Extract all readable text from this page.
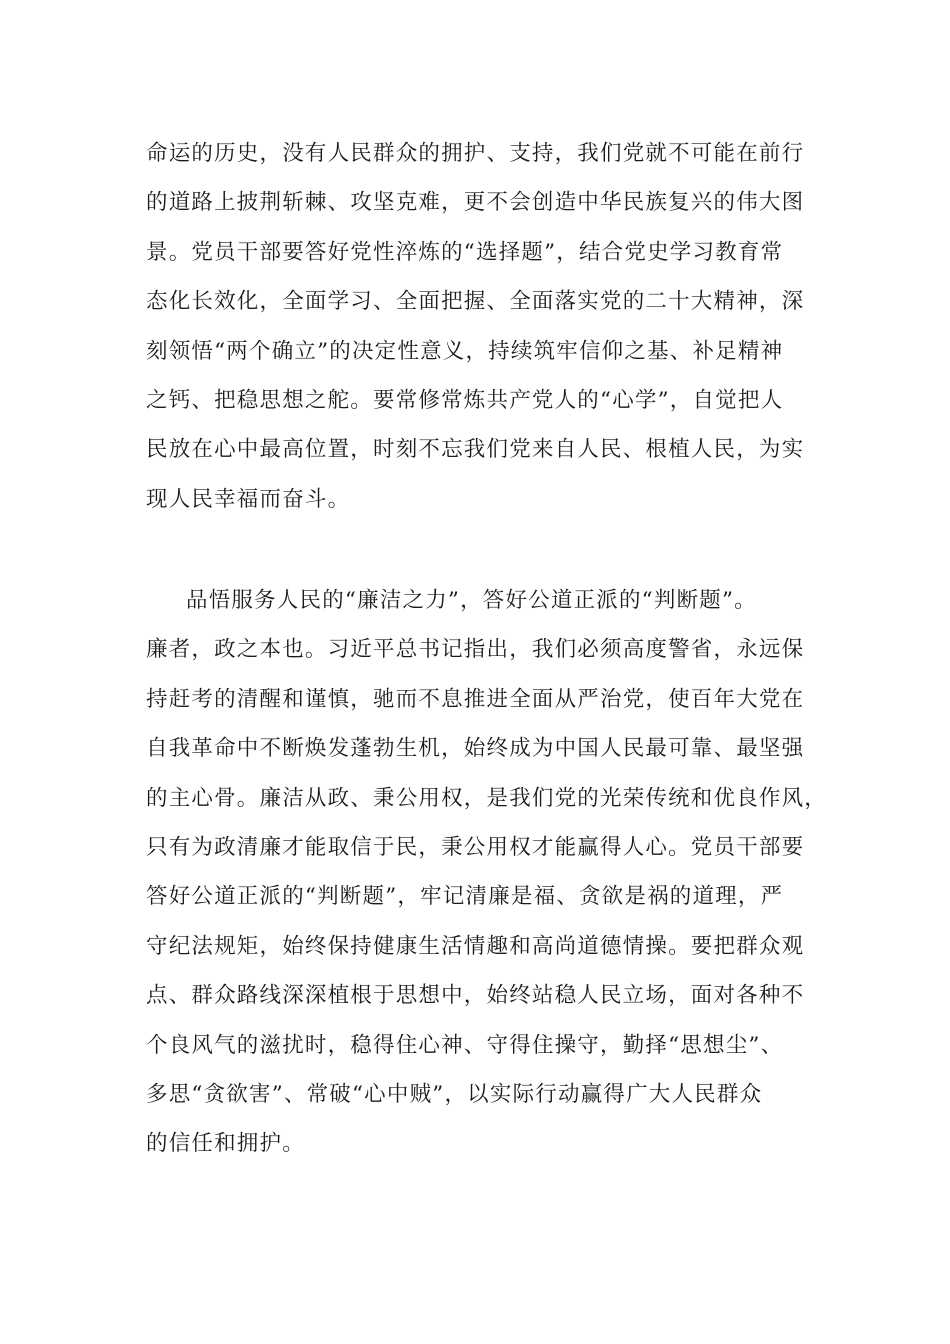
命运的历史，没有人民群众的拥护、支持，我们党就不可能在前行
的道路上披荆斩棘、攻坚克难，更不会创造中华民族复兴的伟大图
景。党员干部要答好党性淬炼的“选择题”，结合党史学习教育常
态化长效化，全面学习、全面把握、全面落实党的二十大精神，深
刻领悟“两个确立”的决定性意义，持续筑牢信仰之基、补足精神
之钙、把稳思想之舵。要常修常炼共产党人的“心学”，自觉把人
民放在心中最高位置，时刻不忘我们党来自人民、根植人民，为实
现人民幸福而奋斗。
品悟服务人民的“廉洁之力”，答好公道正派的“判断题”。
廉者，政之本也。习近平总书记指出，我们必须高度警省，永远保
持赶考的清醒和谨慎，驰而不息推进全面从严治党，使百年大党在
自我革命中不断焕发蓬勃生机，始终成为中国人民最可靠、最坚强
的主心骨。廉洁从政、秉公用权，是我们党的光荣传统和优良作风，
只有为政清廉才能取信于民，秉公用权才能赢得人心。党员干部要
答好公道正派的“判断题”，牢记清廉是福、贪欲是祸的道理，严
守纪法规矩，始终保持健康生活情趣和高尚道德情操。要把群众观
点、群众路线深深植根于思想中，始终站稳人民立场，面对各种不
个良风气的滋扰时，稳得住心神、守得住操守，勤择“思想尘”、
多思“贪欲害”、常破“心中贼”，以实际行动赢得广大人民群众
的信任和拥护。
